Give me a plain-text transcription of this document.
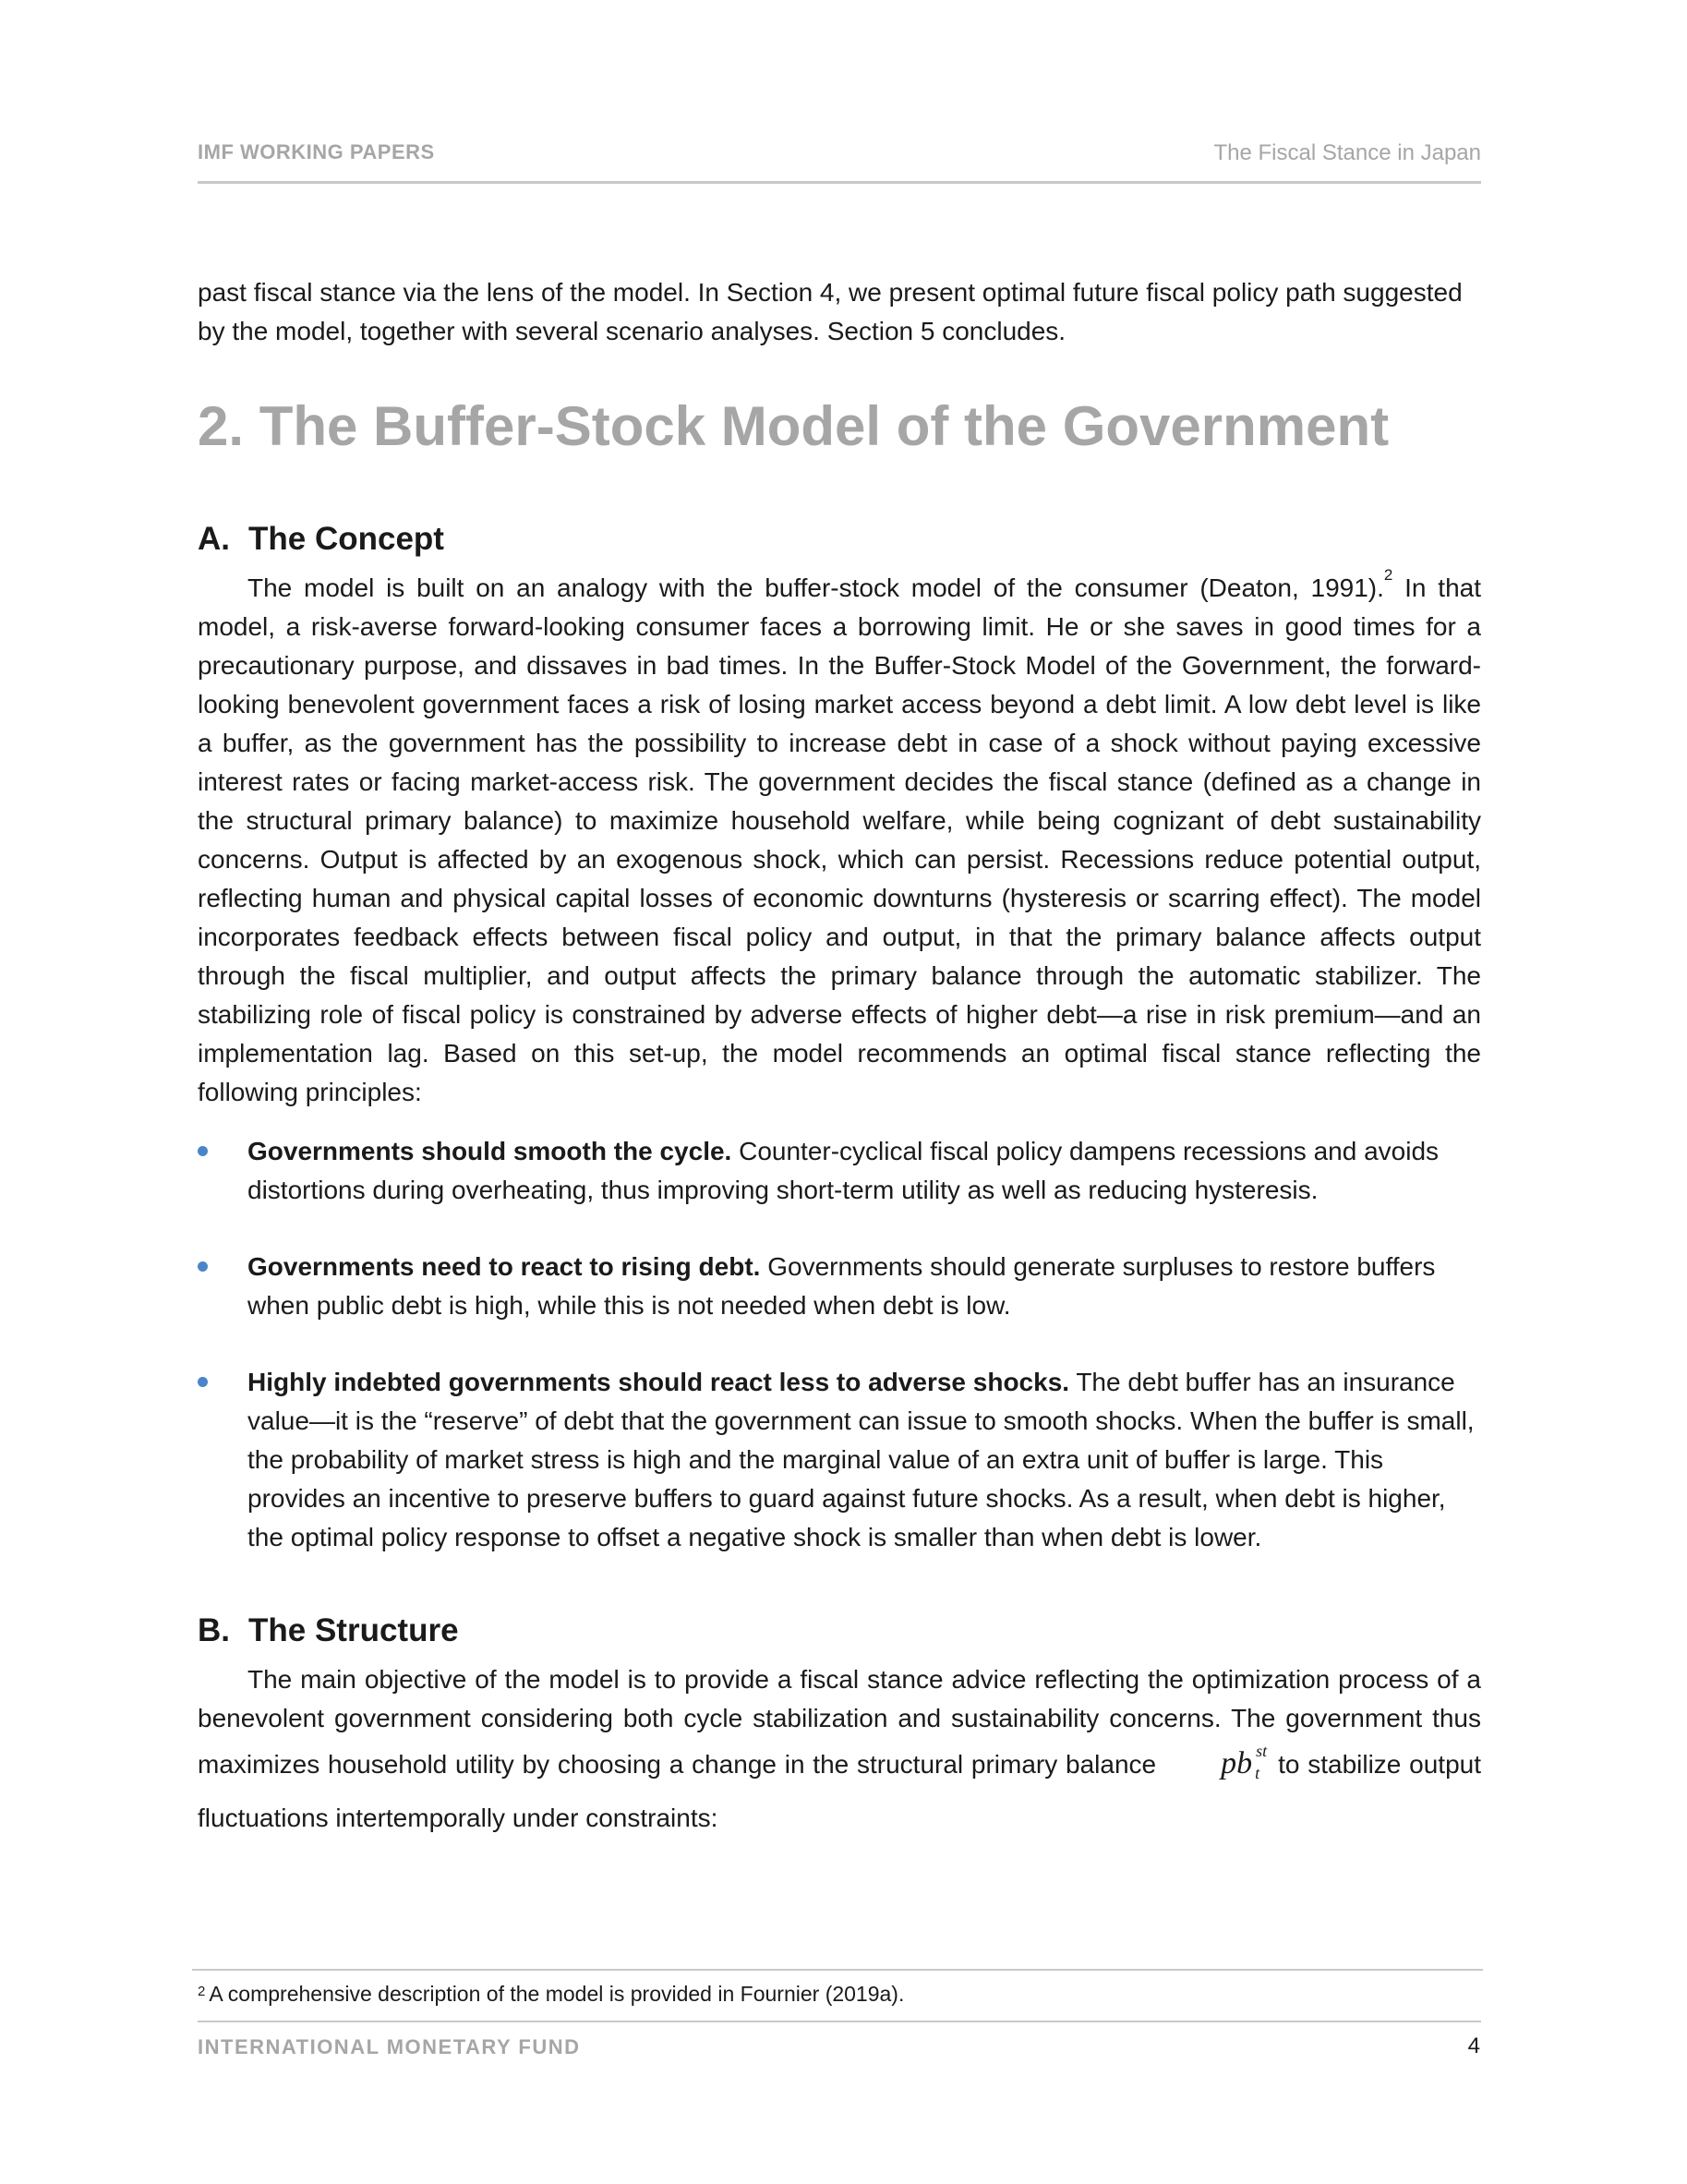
IMF WORKING PAPERS	The Fiscal Stance in Japan

past fiscal stance via the lens of the model. In Section 4, we present optimal future fiscal policy path suggested by the model, together with several scenario analyses. Section 5 concludes.

2. The Buffer-Stock Model of the Government
A. The Concept

The model is built on an analogy with the buffer-stock model of the consumer (Deaton, 1991).$^2$ In that model, a risk-averse forward-looking consumer faces a borrowing limit. He or she saves in good times for a precautionary purpose, and dissaves in bad times. In the Buffer-Stock Model of the Government, the forward-looking benevolent government faces a risk of losing market access beyond a debt limit. A low debt level is like a buffer, as the government has the possibility to increase debt in case of a shock without paying excessive interest rates or facing market-access risk. The government decides the fiscal stance (defined as a change in the structural primary balance) to maximize household welfare, while being cognizant of debt sustainability concerns. Output is affected by an exogenous shock, which can persist. Recessions reduce potential output, reflecting human and physical capital losses of economic downturns (hysteresis or scarring effect). The model incorporates feedback effects between fiscal policy and output, in that the primary balance affects output through the fiscal multiplier, and output affects the primary balance through the automatic stabilizer. The stabilizing role of fiscal policy is constrained by adverse effects of higher debt—a rise in risk premium—and an implementation lag. Based on this set-up, the model recommends an optimal fiscal stance reflecting the following principles:

Governments should smooth the cycle. Counter-cyclical fiscal policy dampens recessions and avoids distortions during overheating, thus improving short-term utility as well as reducing hysteresis.
Governments need to react to rising debt. Governments should generate surpluses to restore buffers when public debt is high, while this is not needed when debt is low.
Highly indebted governments should react less to adverse shocks. The debt buffer has an insurance value—it is the “reserve” of debt that the government can issue to smooth shocks. When the buffer is small, the probability of market stress is high and the marginal value of an extra unit of buffer is large. This provides an incentive to preserve buffers to guard against future shocks. As a result, when debt is higher, the optimal policy response to offset a negative shock is smaller than when debt is lower.
B. The Structure

The main objective of the model is to provide a fiscal stance advice reflecting the optimization process of a benevolent government considering both cycle stabilization and sustainability concerns. The government thus maximizes household utility by choosing a change in the structural primary balance pb st
t to stabilize output fluctuations intertemporally under constraints:

$^2$ A comprehensive description of the model is provided in Fournier (2019a).
INTERNATIONAL MONETARY FUND	4
